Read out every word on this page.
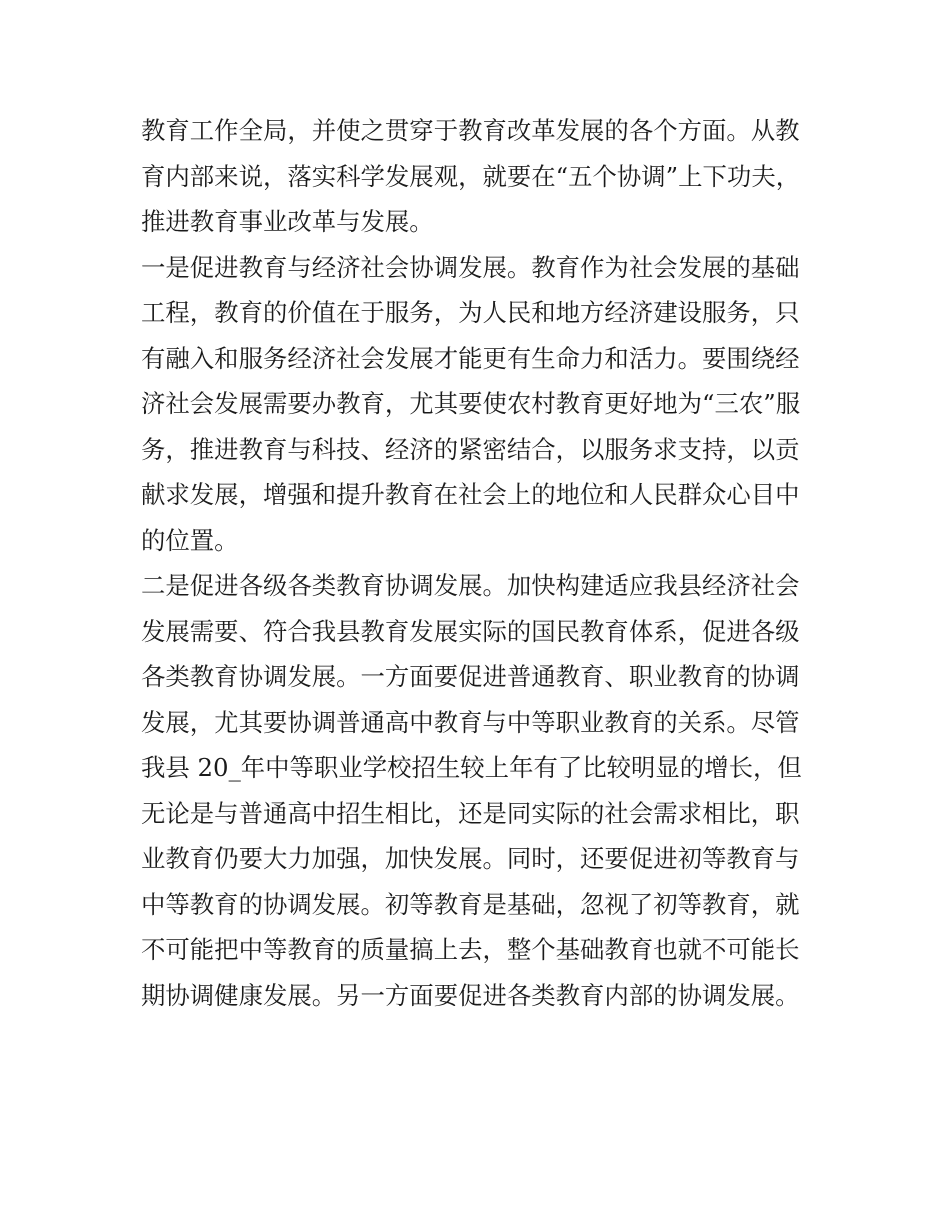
教育工作全局，并使之贯穿于教育改革发展的各个方面。从教
育内部来说，落实科学发展观，就要在“五个协调”上下功夫，
推进教育事业改革与发展。
一是促进教育与经济社会协调发展。教育作为社会发展的基础
工程，教育的价值在于服务，为人民和地方经济建设服务，只
有融入和服务经济社会发展才能更有生命力和活力。要围绕经
济社会发展需要办教育，尤其要使农村教育更好地为“三农”服
务，推进教育与科技、经济的紧密结合，以服务求支持，以贡
献求发展，增强和提升教育在社会上的地位和人民群众心目中
的位置。
二是促进各级各类教育协调发展。加快构建适应我县经济社会
发展需要、符合我县教育发展实际的国民教育体系，促进各级
各类教育协调发展。一方面要促进普通教育、职业教育的协调
发展，尤其要协调普通高中教育与中等职业教育的关系。尽管
我县 20_年中等职业学校招生较上年有了比较明显的增长，但
无论是与普通高中招生相比，还是同实际的社会需求相比，职
业教育仍要大力加强，加快发展。同时，还要促进初等教育与
中等教育的协调发展。初等教育是基础，忽视了初等教育，就
不可能把中等教育的质量搞上去，整个基础教育也就不可能长
期协调健康发展。另一方面要促进各类教育内部的协调发展。
